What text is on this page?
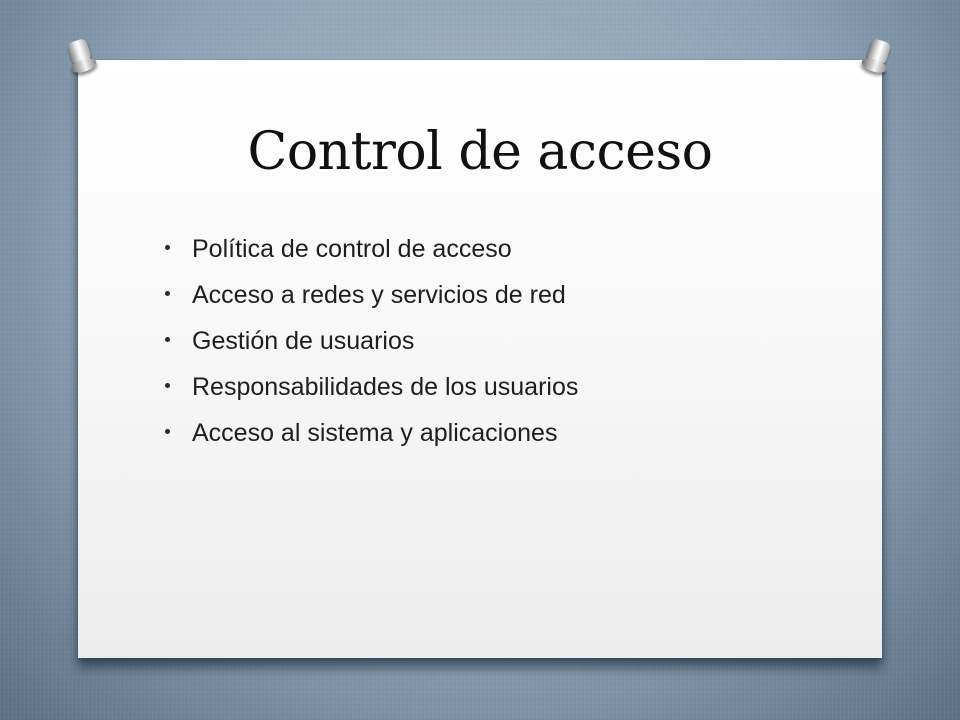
Control de acceso
Política de control de acceso
Acceso a redes y servicios de red
Gestión de usuarios
Responsabilidades de los usuarios
Acceso al sistema y aplicaciones
